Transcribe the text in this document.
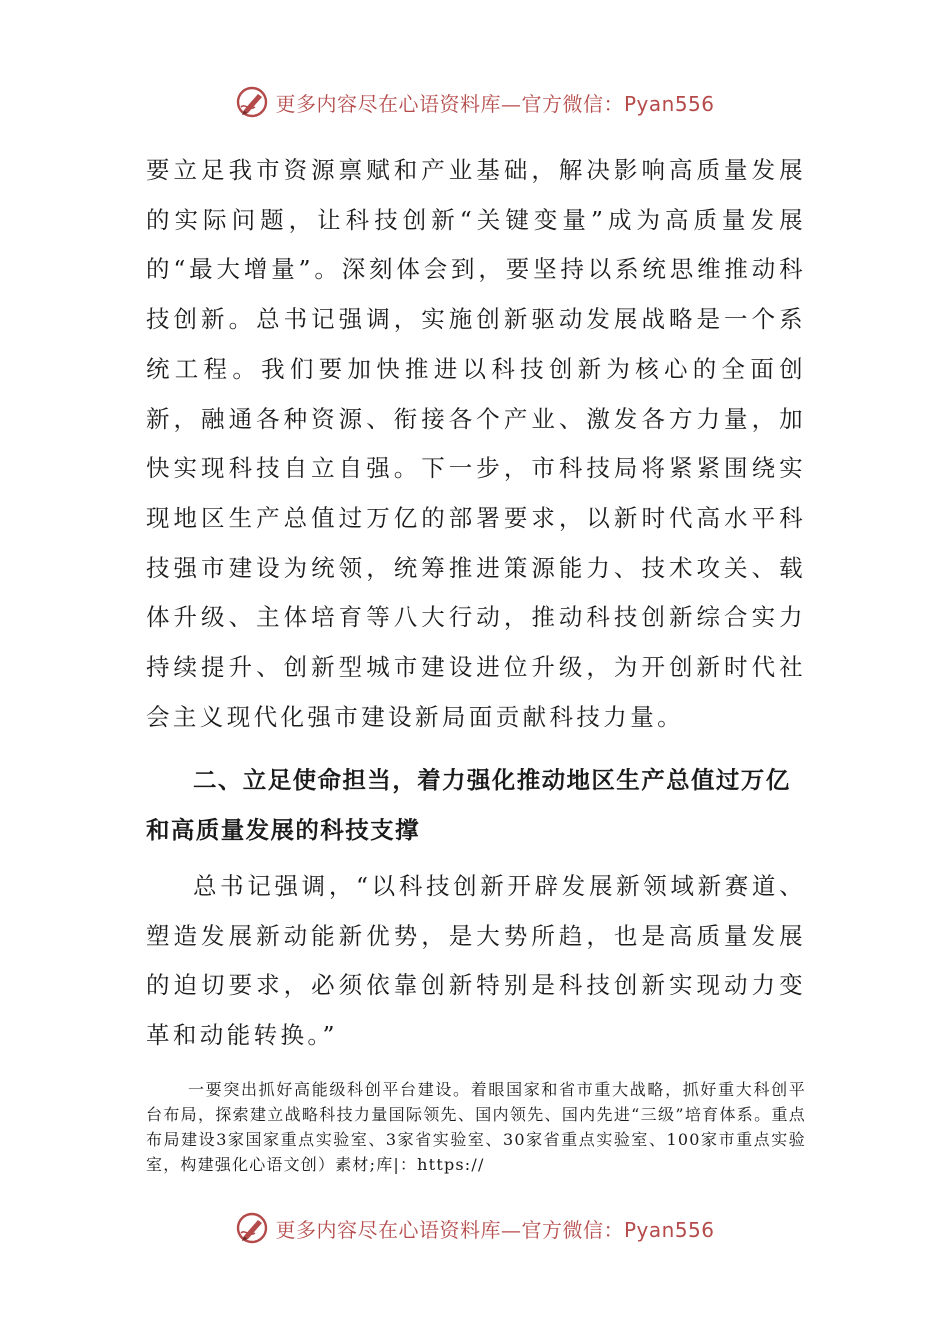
更多内容尽在心语资料库—官方微信：Pyan556

要立足我市资源禀赋和产业基础，解决影响高质量发展的实际问题，让科技创新“关键变量”成为高质量发展的“最大增量”。深刻体会到，要坚持以系统思维推动科技创新。总书记强调，实施创新驱动发展战略是一个系统工程。我们要加快推进以科技创新为核心的全面创新，融通各种资源、衔接各个产业、激发各方力量，加快实现科技自立自强。下一步，市科技局将紧紧围绕实现地区生产总值过万亿的部署要求，以新时代高水平科技强市建设为统领，统筹推进策源能力、技术攻关、载体升级、主体培育等八大行动，推动科技创新综合实力持续提升、创新型城市建设进位升级，为开创新时代社会主义现代化强市建设新局面贡献科技力量。

二、立足使命担当，着力强化推动地区生产总值过万亿和高质量发展的科技支撑

总书记强调，“以科技创新开辟发展新领域新赛道、塑造发展新动能新优势，是大势所趋，也是高质量发展的迫切要求，必须依靠创新特别是科技创新实现动力变革和动能转换。”

一要突出抓好高能级科创平台建设。着眼国家和省市重大战略，抓好重大科创平台布局，探索建立战略科技力量国际领先、国内领先、国内先进“三级”培育体系。重点布局建设3家国家重点实验室、3家省实验室、30家省重点实验室、100家市重点实验室，构建强化心语文创）素材;库|：https://

更多内容尽在心语资料库—官方微信：Pyan556
